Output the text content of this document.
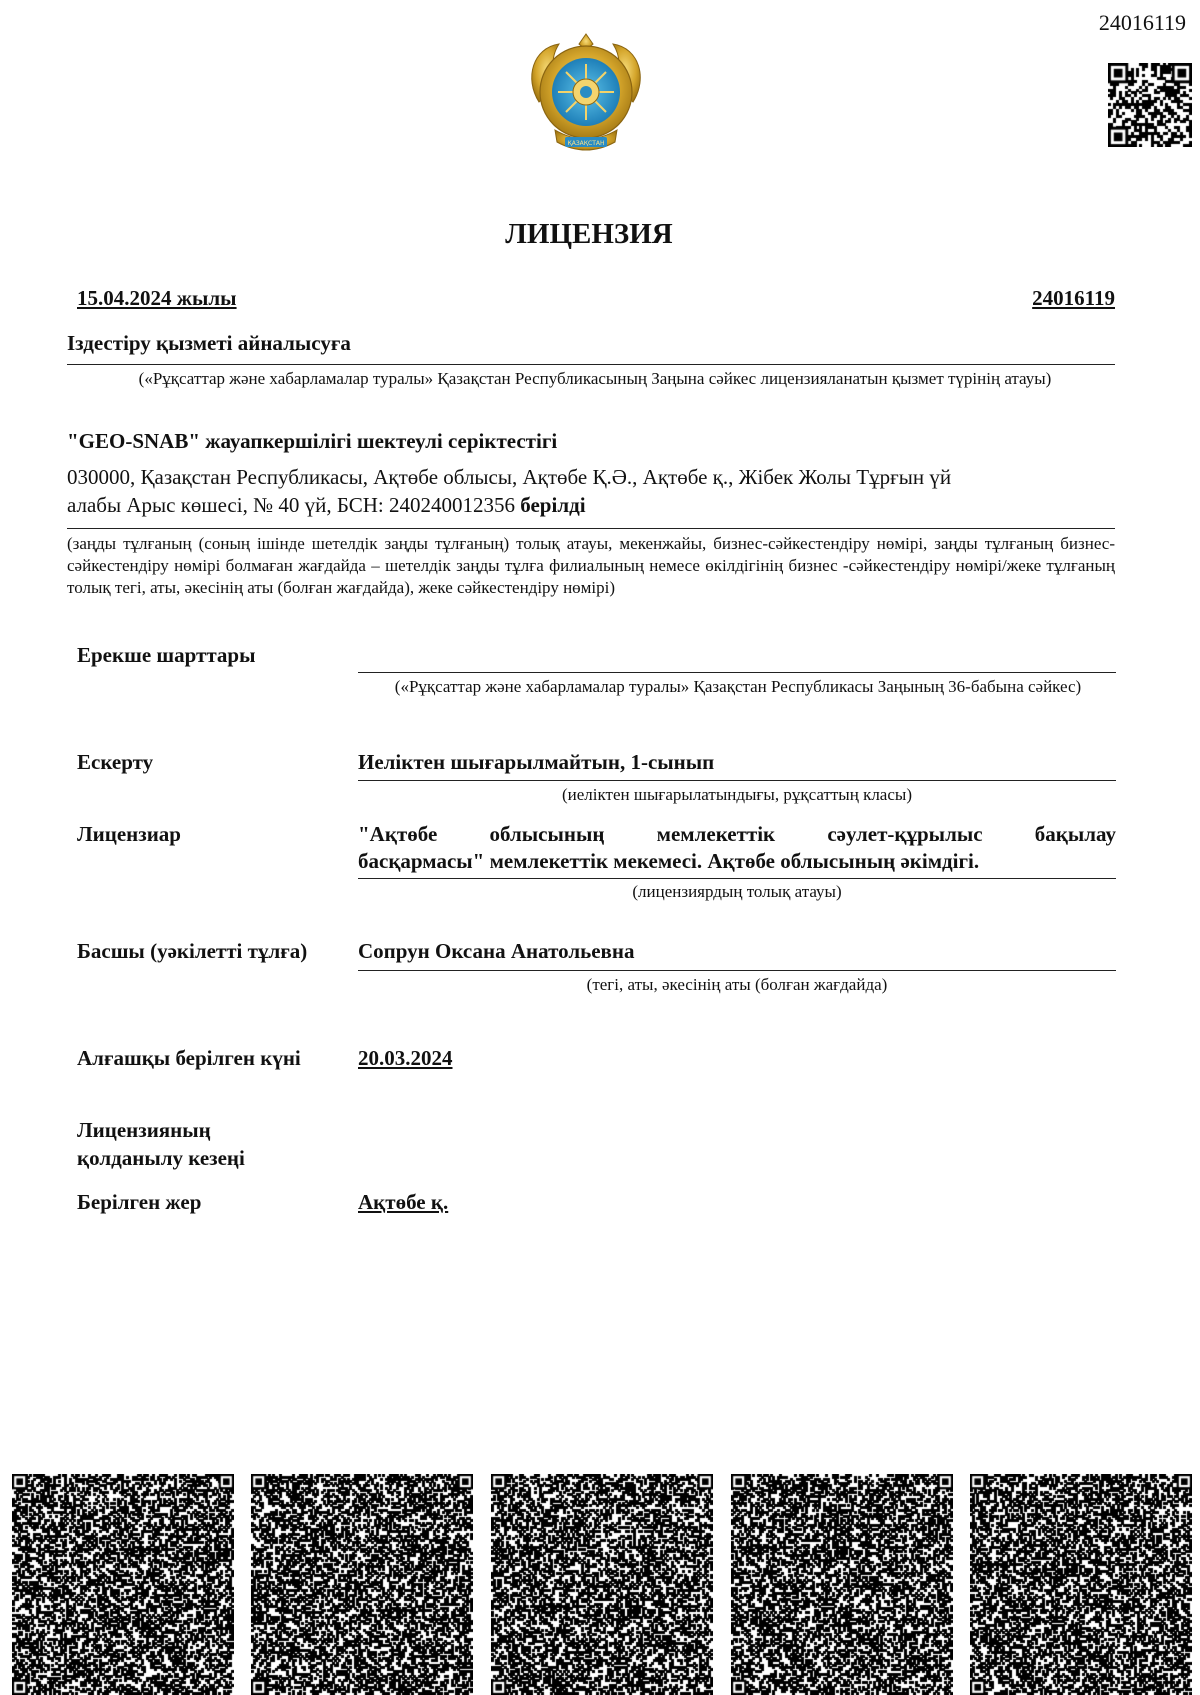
24016119
ҚАЗАҚСТАН
ЛИЦЕНЗИЯ
15.04.2024 жылы	24016119
Іздестіру қызметі айналысуға
(«Рұқсаттар және хабарламалар туралы» Қазақстан Республикасының Заңына сәйкес лицензияланатын қызмет түрінің атауы)
"GEO-SNAB" жауапкершілігі шектеулі серіктестігі
030000, Қазақстан Республикасы, Ақтөбе облысы, Ақтөбе Қ.Ә., Ақтөбе қ., Жібек Жолы Тұрғын үй
алабы Арыс көшесі, № 40 үй, БСН: 240240012356 берілді
(заңды тұлғаның (соның ішінде шетелдік заңды тұлғаның) толық атауы, мекенжайы, бизнес-сәйкестендіру нөмірі, заңды тұлғаның бизнес-сәйкестендіру нөмірі болмаған жағдайда – шетелдік заңды тұлға филиалының немесе өкілдігінің бизнес -сәйкестендіру нөмірі/жеке тұлғаның толық тегі, аты, әкесінің аты (болған жағдайда), жеке сәйкестендіру нөмірі)
Ерекше шарттары
(«Рұқсаттар және хабарламалар туралы» Қазақстан Республикасы Заңының 36-бабына сәйкес)
Ескерту	Иеліктен шығарылмайтын, 1-сынып
(иеліктен шығарылатындығы, рұқсаттың класы)
Лицензиар	"Ақтөбе облысының мемлекеттік сәулет-құрылыс бақылау
басқармасы" мемлекеттік мекемесі. Ақтөбе облысының әкімдігі.
(лицензиярдың толық атауы)
Басшы (уәкілетті тұлға) Сопрун Оксана Анатольевна
(тегі, аты, әкесінің аты (болған жағдайда)
Алғашқы берілген күні	20.03.2024
Лицензияның
қолданылу кезеңі
Берілген жер	Ақтөбе қ.
